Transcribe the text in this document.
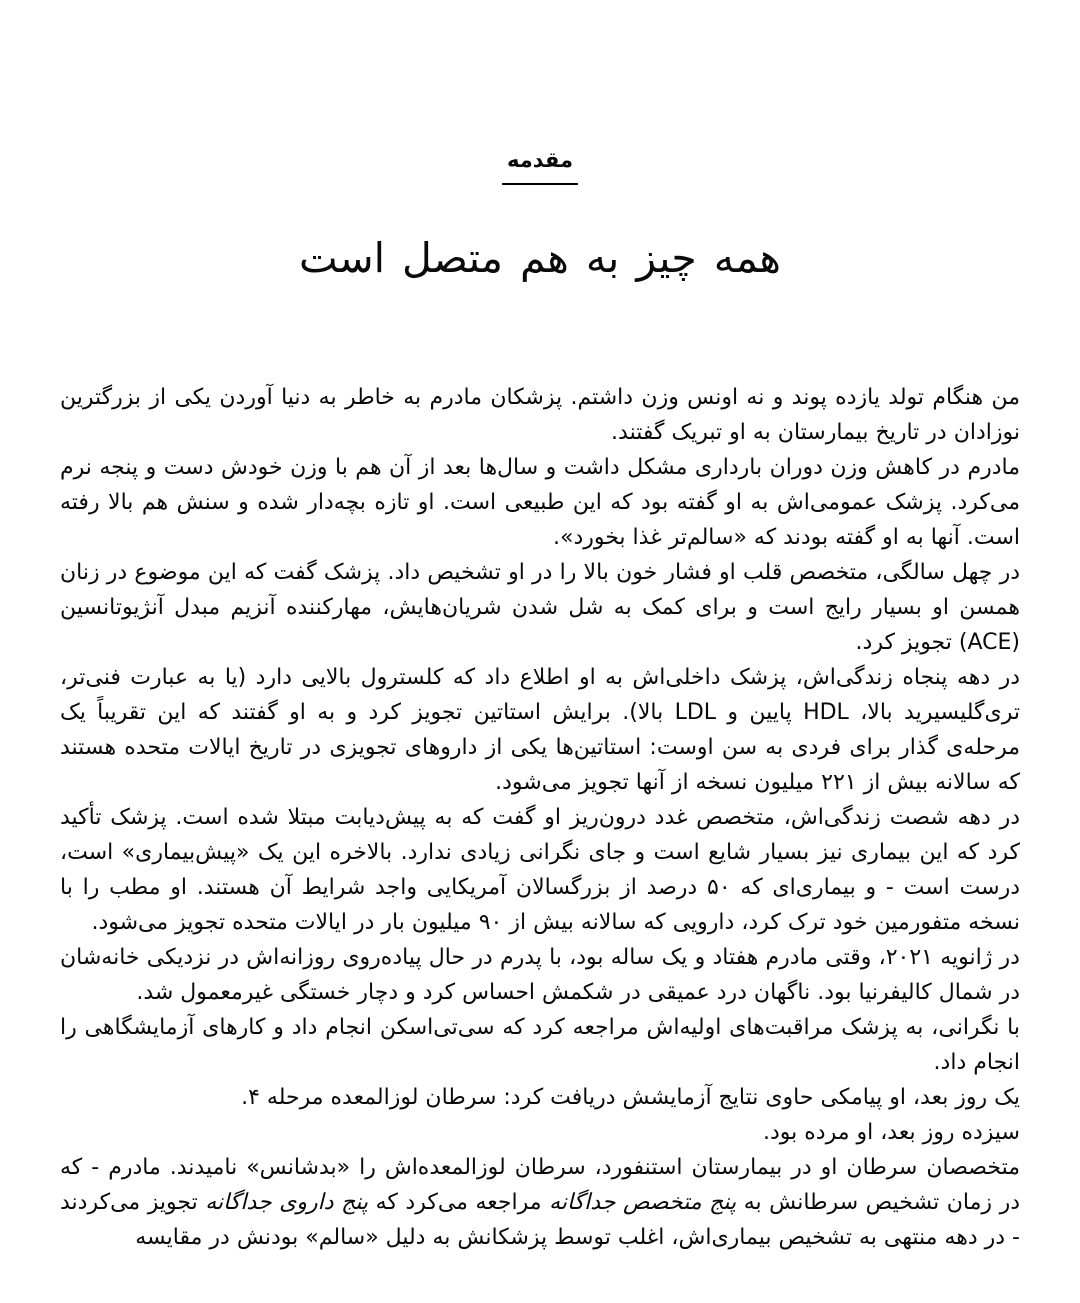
مقدمه
همه چیز به هم متصل است

من هنگام تولد یازده پوند و نه اونس وزن داشتم. پزشکان مادرم به خاطر به دنیا آوردن یکی از بزرگترین نوزادان در تاریخ بیمارستان به او تبریک گفتند.

مادرم در کاهش وزن دوران بارداری مشکل داشت و سال‌ها بعد از آن هم با وزن خودش دست و پنجه نرم می‌کرد. پزشک عمومی‌اش به او گفته بود که این طبیعی است. او تازه بچه‌دار شده و سنش هم بالا رفته است. آنها به او گفته بودند که «سالم‌تر غذا بخورد».

در چهل سالگی، متخصص قلب او فشار خون بالا را در او تشخیص داد. پزشک گفت که این موضوع در زنان همسن او بسیار رایج است و برای کمک به شل شدن شریان‌هایش، مهارکننده آنزیم مبدل آنژیوتانسین (ACE) تجویز کرد.

در دهه پنجاه زندگی‌اش، پزشک داخلی‌اش به او اطلاع داد که کلسترول بالایی دارد (یا به عبارت فنی‌تر، تری‌گلیسیرید بالا، HDL پایین و LDL بالا). برایش استاتین تجویز کرد و به او گفتند که این تقریباً یک مرحله‌ی گذار برای فردی به سن اوست: استاتین‌ها یکی از داروهای تجویزی در تاریخ ایالات متحده هستند که سالانه بیش از ۲۲۱ میلیون نسخه از آنها تجویز می‌شود.

در دهه شصت زندگی‌اش، متخصص غدد درون‌ریز او گفت که به پیش‌دیابت مبتلا شده است. پزشک تأکید کرد که این بیماری نیز بسیار شایع است و جای نگرانی زیادی ندارد. بالاخره این یک «پیش‌بیماری» است، درست است - و بیماری‌ای که ۵۰ درصد از بزرگسالان آمریکایی واجد شرایط آن هستند. او مطب را با نسخه متفورمین خود ترک کرد، دارویی که سالانه بیش از ۹۰ میلیون بار در ایالات متحده تجویز می‌شود.

در ژانویه ۲۰۲۱، وقتی مادرم هفتاد و یک ساله بود، با پدرم در حال پیاده‌روی روزانه‌اش در نزدیکی خانه‌شان در شمال کالیفرنیا بود. ناگهان درد عمیقی در شکمش احساس کرد و دچار خستگی غیرمعمول شد.

با نگرانی، به پزشک مراقبت‌های اولیه‌اش مراجعه کرد که سی‌تی‌اسکن انجام داد و کارهای آزمایشگاهی را انجام داد.

یک روز بعد، او پیامکی حاوی نتایج آزمایشش دریافت کرد: سرطان لوزالمعده مرحله ۴.

سیزده روز بعد، او مرده بود.

متخصصان سرطان او در بیمارستان استنفورد، سرطان لوزالمعده‌اش را «بدشانس» نامیدند. مادرم - که در زمان تشخیص سرطانش به پنج متخصص جداگانه مراجعه می‌کرد که پنج داروی جداگانه تجویز می‌کردند - در دهه منتهی به تشخیص بیماری‌اش، اغلب توسط پزشکانش به دلیل «سالم» بودنش در مقایسه
